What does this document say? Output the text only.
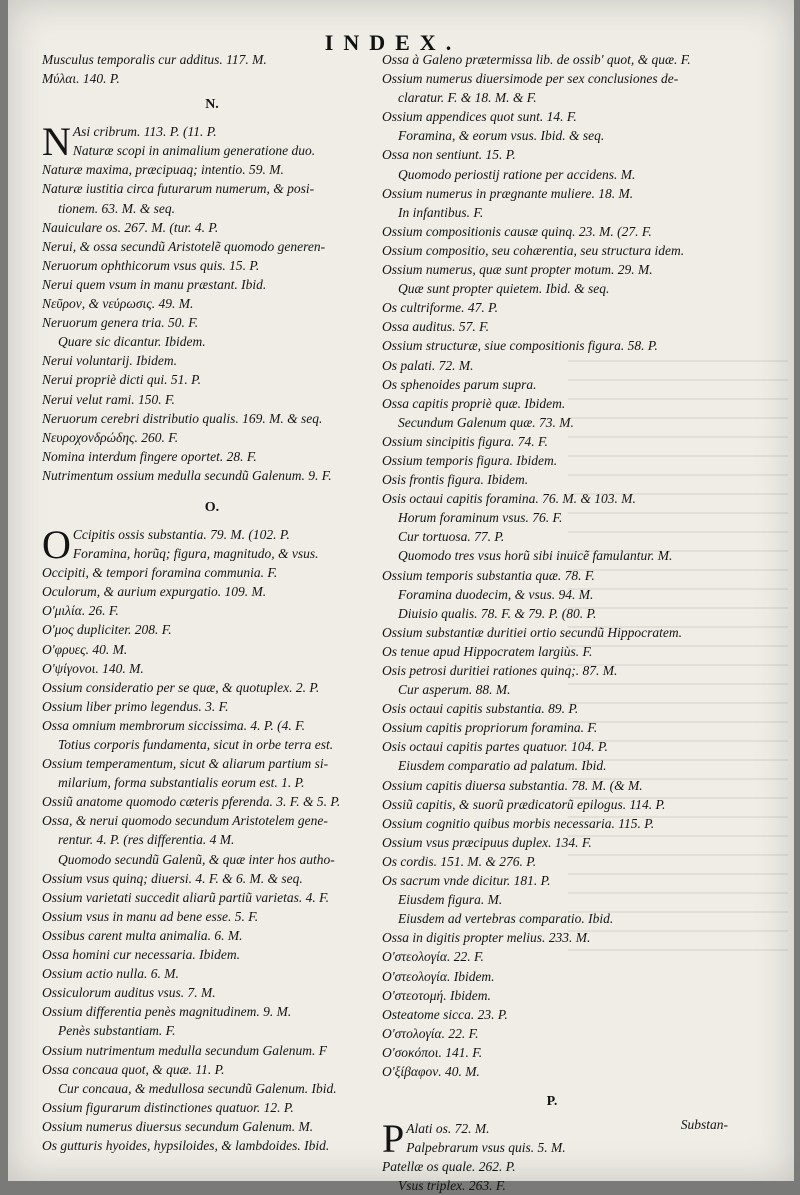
INDEX.
Musculus temporalis cur additus. 117. M.
Μύλαι. 140. P.
N.
N Asi cribrum. 113. P. (11. P.
Naturæ scopi in animalium generatione duo.
Naturæ maxima, præcipuaq; intentio. 59. M.
Naturæ iustitia circa futurarum numerum, & posi-
tionem. 63. M. & seq.
Nauiculare os. 267. M. (tur. 4. P.
Nerui, & ossa secundũ Aristotelẽ quomodo generen-
Neruorum ophthicorum vsus quis. 15. P.
Nerui quem vsum in manu præstant. Ibid.
Νεῦρον, & νεύρωσις. 49. M.
Neruorum genera tria. 50. F.
Quare sic dicantur. Ibidem.
Nerui voluntarij. Ibidem.
Nerui propriè dicti qui. 51. P.
Nerui velut rami. 150. F.
Neruorum cerebri distributio qualis. 169. M. & seq.
Νευροχονδρώδης. 260. F.
Nomina interdum fingere oportet. 28. F.
Nutrimentum ossium medulla secundũ Galenum. 9. F.
O.
O Ccipitis ossis substantia. 79. M. (102. P.
Foramina, horũq; figura, magnitudo, & vsus.
Occipiti, & tempori foramina communia. F.
Oculorum, & aurium expurgatio. 109. M.
Ο'μιλία. 26. F.
Ο'μος dupliciter. 208. F.
Ο'φρυες. 40. M.
Ο'ψίγονοι. 140. M.
Ossium consideratio per se quæ, & quotuplex. 2. P.
Ossium liber primo legendus. 3. F.
Ossa omnium membrorum siccissima. 4. P. (4. F.
Totius corporis fundamenta, sicut in orbe terra est.
Ossium temperamentum, sicut & aliarum partium si-
milarium, forma substantialis eorum est. 1. P.
Ossiũ anatome quomodo cæteris pferenda. 3. F. & 5. P.
Ossa, & nerui quomodo secundum Aristotelem gene-
rentur. 4. P. (res differentia. 4 M.
Quomodo secundũ Galenũ, & quæ inter hos autho-
Ossium vsus quinq; diuersi. 4. F. & 6. M. & seq.
Ossium varietati succedit aliarũ partiũ varietas. 4. F.
Ossium vsus in manu ad bene esse. 5. F.
Ossibus carent multa animalia. 6. M.
Ossa homini cur necessaria. Ibidem.
Ossium actio nulla. 6. M.
Ossiculorum auditus vsus. 7. M.
Ossium differentia penès magnitudinem. 9. M.
Penès substantiam. F.
Ossium nutrimentum medulla secundum Galenum. F
Ossa concaua quot, & quæ. 11. P.
Cur concaua, & medullosa secundũ Galenum. Ibid.
Ossium figurarum distinctiones quatuor. 12. P.
Ossium numerus diuersus secundum Galenum. M.
Os gutturis hyoides, hypsiloides, & lambdoides. Ibid.
Ossa à Galeno prætermissa lib. de ossib' quot, & quæ. F.
Ossium numerus diuersimode per sex conclusiones de-
claratur. F. & 18. M. & F.
Ossium appendices quot sunt. 14. F.
Foramina, & eorum vsus. Ibid. & seq.
Ossa non sentiunt. 15. P.
Quomodo periostij ratione per accidens. M.
Ossium numerus in prægnante muliere. 18. M.
In infantibus. F.
Ossium compositionis causæ quinq. 23. M. (27. F.
Ossium compositio, seu cohærentia, seu structura idem.
Ossium numerus, quæ sunt propter motum. 29. M.
Quæ sunt propter quietem. Ibid. & seq.
Os cultriforme. 47. P.
Ossa auditus. 57. F.
Ossium structuræ, siue compositionis figura. 58. P.
Os palati. 72. M.
Os sphenoides parum supra.
Ossa capitis propriè quæ. Ibidem.
Secundum Galenum quæ. 73. M.
Ossium sincipitis figura. 74. F.
Ossium temporis figura. Ibidem.
Osis frontis figura. Ibidem.
Osis octaui capitis foramina. 76. M. & 103. M.
Horum foraminum vsus. 76. F.
Cur tortuosa. 77. P.
Quomodo tres vsus horũ sibi inuicẽ famulantur. M.
Ossium temporis substantia quæ. 78. F.
Foramina duodecim, & vsus. 94. M.
Diuisio qualis. 78. F. & 79. P. (80. P.
Ossium substantiæ duritiei ortio secundũ Hippocratem.
Os tenue apud Hippocratem largiùs. F.
Osis petrosi duritiei rationes quinq;. 87. M.
Cur asperum. 88. M.
Osis octaui capitis substantia. 89. P.
Ossium capitis propriorum foramina. F.
Osis octaui capitis partes quatuor. 104. P.
Eiusdem comparatio ad palatum. Ibid.
Ossium capitis diuersa substantia. 78. M. (& M.
Ossiũ capitis, & suorũ prædicatorũ epilogus. 114. P.
Ossium cognitio quibus morbis necessaria. 115. P.
Ossium vsus præcipuus duplex. 134. F.
Os cordis. 151. M. & 276. P.
Os sacrum vnde dicitur. 181. P.
Eiusdem figura. M.
Eiusdem ad vertebras comparatio. Ibid.
Ossa in digitis propter melius. 233. M.
Ο'στεολογία. 22. F.
Ο'στεολογία. Ibidem.
Ο'στεοτομή. Ibidem.
Osteatome sicca. 23. P.
Ο'στολογία. 22. F.
Ο'σοκόποι. 141. F.
Ο'ξίβαφον. 40. M.
P.
P Alati os. 72. M.
Palpebrarum vsus quis. 5. M.
Patellæ os quale. 262. P.
Vsus triplex. 263. F.
Substan-
